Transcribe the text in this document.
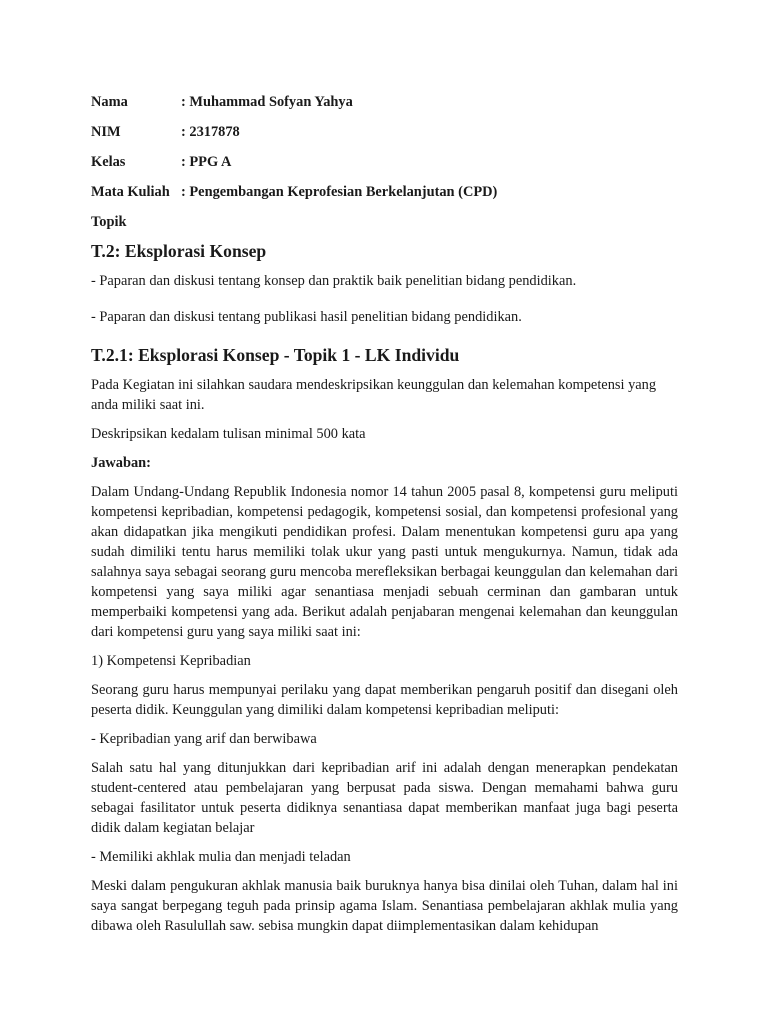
Nama	: Muhammad Sofyan Yahya
NIM	: 2317878
Kelas	: PPG A
Mata Kuliah : Pengembangan Keprofesian Berkelanjutan (CPD)
Topik
T.2: Eksplorasi Konsep

- Paparan dan diskusi tentang konsep dan praktik baik penelitian bidang pendidikan.

- Paparan dan diskusi tentang publikasi hasil penelitian bidang pendidikan.

T.2.1: Eksplorasi Konsep - Topik 1 - LK Individu

Pada Kegiatan ini silahkan saudara mendeskripsikan keunggulan dan kelemahan kompetensi yang anda miliki saat ini.

Deskripsikan kedalam tulisan minimal 500 kata

Jawaban:

Dalam Undang-Undang Republik Indonesia nomor 14 tahun 2005 pasal 8, kompetensi guru meliputi kompetensi kepribadian, kompetensi pedagogik, kompetensi sosial, dan kompetensi profesional yang akan didapatkan jika mengikuti pendidikan profesi. Dalam menentukan kompetensi guru apa yang sudah dimiliki tentu harus memiliki tolak ukur yang pasti untuk mengukurnya. Namun, tidak ada salahnya saya sebagai seorang guru mencoba merefleksikan berbagai keunggulan dan kelemahan dari kompetensi yang saya miliki agar senantiasa menjadi sebuah cerminan dan gambaran untuk memperbaiki kompetensi yang ada. Berikut adalah penjabaran mengenai kelemahan dan keunggulan dari kompetensi guru yang saya miliki saat ini:

1) Kompetensi Kepribadian

Seorang guru harus mempunyai perilaku yang dapat memberikan pengaruh positif dan disegani oleh peserta didik. Keunggulan yang dimiliki dalam kompetensi kepribadian meliputi:

- Kepribadian yang arif dan berwibawa

Salah satu hal yang ditunjukkan dari kepribadian arif ini adalah dengan menerapkan pendekatan student-centered atau pembelajaran yang berpusat pada siswa. Dengan memahami bahwa guru sebagai fasilitator untuk peserta didiknya senantiasa dapat memberikan manfaat juga bagi peserta didik dalam kegiatan belajar

- Memiliki akhlak mulia dan menjadi teladan

Meski dalam pengukuran akhlak manusia baik buruknya hanya bisa dinilai oleh Tuhan, dalam hal ini saya sangat berpegang teguh pada prinsip agama Islam. Senantiasa pembelajaran akhlak mulia yang dibawa oleh Rasulullah saw. sebisa mungkin dapat diimplementasikan dalam kehidupan
